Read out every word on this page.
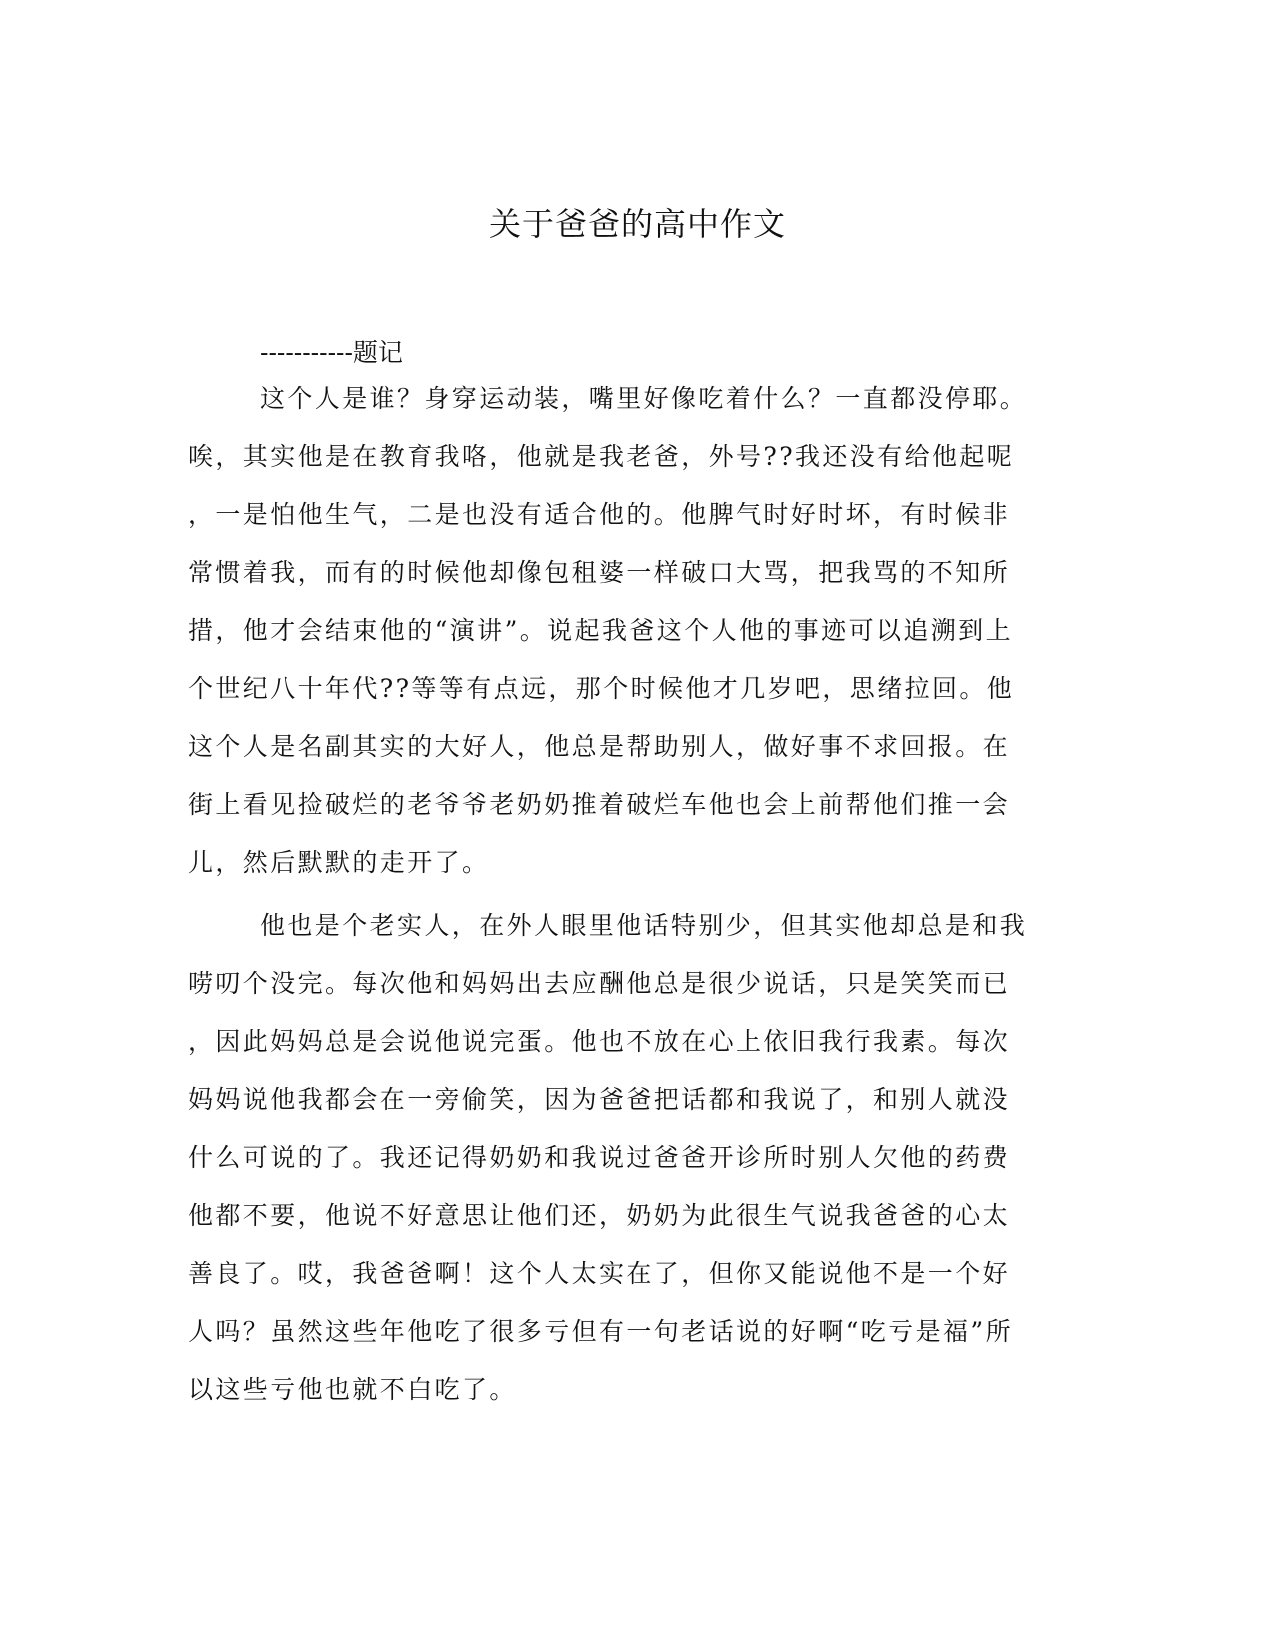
关于爸爸的高中作文
-----------题记
这个人是谁？身穿运动装，嘴里好像吃着什么？一直都没停耶。
唉，其实他是在教育我咯，他就是我老爸，外号??我还没有给他起呢
，一是怕他生气，二是也没有适合他的。他脾气时好时坏，有时候非
常惯着我，而有的时候他却像包租婆一样破口大骂，把我骂的不知所
措，他才会结束他的“演讲”。说起我爸这个人他的事迹可以追溯到上
个世纪八十年代??等等有点远，那个时候他才几岁吧，思绪拉回。他
这个人是名副其实的大好人，他总是帮助别人，做好事不求回报。在
街上看见捡破烂的老爷爷老奶奶推着破烂车他也会上前帮他们推一会
儿，然后默默的走开了。
他也是个老实人，在外人眼里他话特别少，但其实他却总是和我
唠叨个没完。每次他和妈妈出去应酬他总是很少说话，只是笑笑而已
，因此妈妈总是会说他说完蛋。他也不放在心上依旧我行我素。每次
妈妈说他我都会在一旁偷笑，因为爸爸把话都和我说了，和别人就没
什么可说的了。我还记得奶奶和我说过爸爸开诊所时别人欠他的药费
他都不要，他说不好意思让他们还，奶奶为此很生气说我爸爸的心太
善良了。哎，我爸爸啊！这个人太实在了，但你又能说他不是一个好
人吗？虽然这些年他吃了很多亏但有一句老话说的好啊“吃亏是福”所
以这些亏他也就不白吃了。
